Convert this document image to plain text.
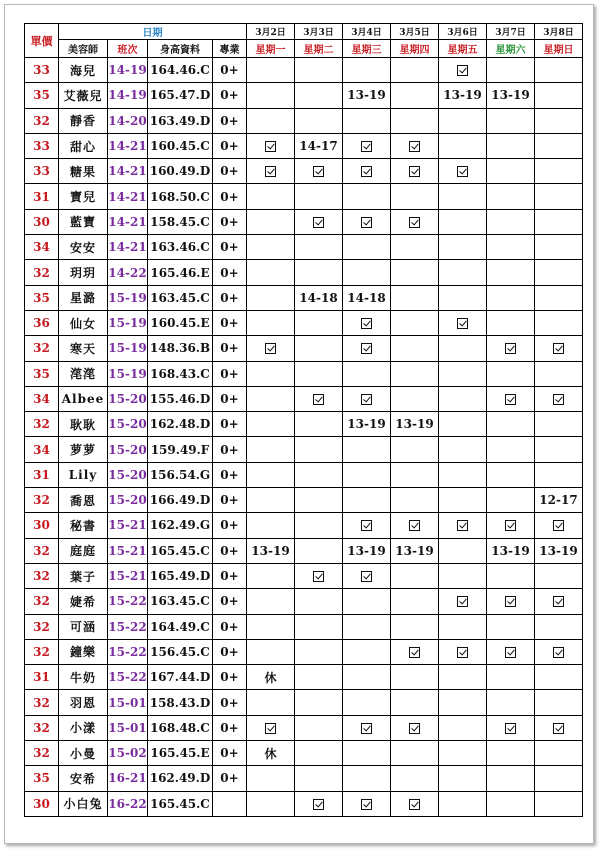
單價	日期				3月2日	3月3日	3月4日	3月5日	3月6日	3月7日	3月8日
	美容師	班次	身高資料	專業	星期一	星期二	星期三	星期四	星期五	星期六	星期日
33	海兒	14-19	164.46.C	0+							
35	艾薇兒	14-19	165.47.D	0+			13-19		13-19	13-19	
32	靜香	14-20	163.49.D	0+							
33	甜心	14-21	160.45.C	0+		14-17					
33	糖果	14-21	160.49.D	0+							
31	寶兒	14-21	168.50.C	0+							
30	藍寶	14-21	158.45.C	0+							
34	安安	14-21	163.46.C	0+							
32	玥玥	14-22	165.46.E	0+							
35	星潞	15-19	163.45.C	0+		14-18	14-18				
36	仙女	15-19	160.45.E	0+							
32	寒天	15-19	148.36.B	0+							
35	滗滗	15-19	168.43.C	0+							
34	Albee	15-20	155.46.D	0+							
32	耿耿	15-20	162.48.D	0+			13-19	13-19			
34	萝萝	15-20	159.49.F	0+							
31	Lily	15-20	156.54.G	0+							
32	喬恩	15-20	166.49.D	0+							12-17
30	秘書	15-21	162.49.G	0+							
32	庭庭	15-21	165.45.C	0+	13-19		13-19	13-19		13-19	13-19
32	葉子	15-21	165.49.D	0+							
32	婕希	15-22	163.45.C	0+							
32	可涵	15-22	164.49.C	0+							
32	鐘樂	15-22	156.45.C	0+							
31	牛奶	15-22	167.44.D	0+	休						
32	羽恩	15-01	158.43.D	0+							
32	小漾	15-01	168.48.C	0+							
32	小曼	15-02	165.45.E	0+	休						
35	安希	16-21	162.49.D	0+							
30	小白兔	16-22	165.45.C								
